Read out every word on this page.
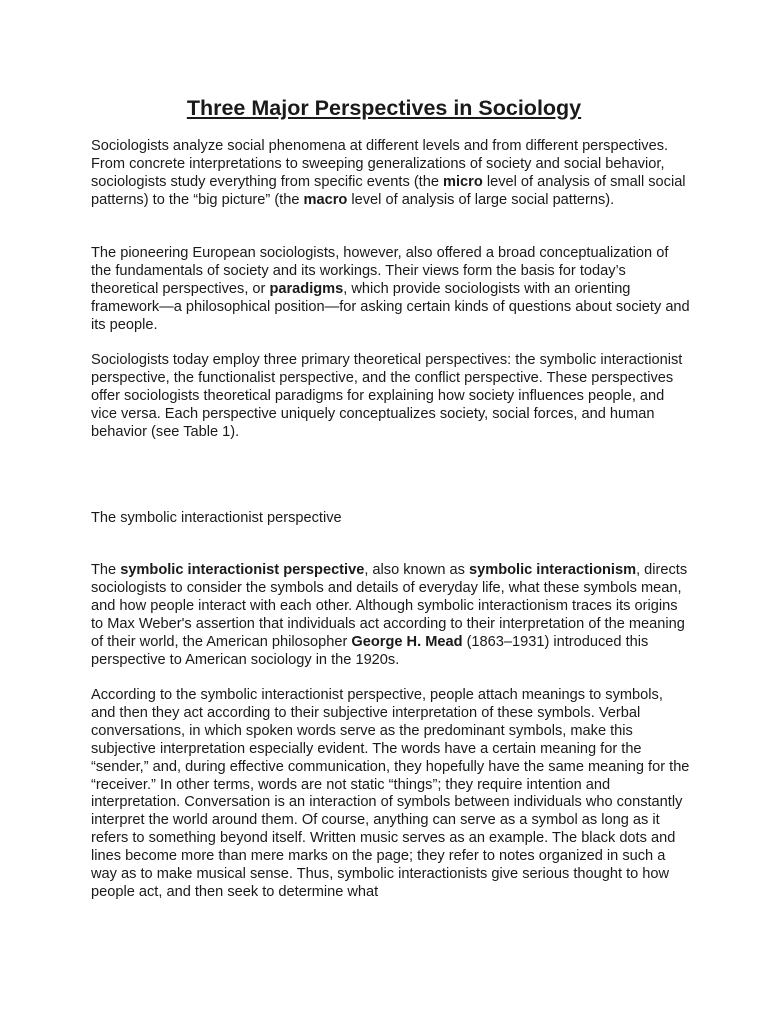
Three Major Perspectives in Sociology

Sociologists analyze social phenomena at different levels and from different perspectives. From concrete interpretations to sweeping generalizations of society and social behavior, sociologists study everything from specific events (the micro level of analysis of small social patterns) to the “big picture” (the macro level of analysis of large social patterns).

The pioneering European sociologists, however, also offered a broad conceptualization of the fundamentals of society and its workings. Their views form the basis for today’s theoretical perspectives, or paradigms, which provide sociologists with an orienting framework—a philosophical position—for asking certain kinds of questions about society and its people.

Sociologists today employ three primary theoretical perspectives: the symbolic interactionist perspective, the functionalist perspective, and the conflict perspective. These perspectives offer sociologists theoretical paradigms for explaining how society influences people, and vice versa. Each perspective uniquely conceptualizes society, social forces, and human behavior (see Table 1).

The symbolic interactionist perspective

The symbolic interactionist perspective, also known as symbolic interactionism, directs sociologists to consider the symbols and details of everyday life, what these symbols mean, and how people interact with each other. Although symbolic interactionism traces its origins to Max Weber's assertion that individuals act according to their interpretation of the meaning of their world, the American philosopher George H. Mead (1863–1931) introduced this perspective to American sociology in the 1920s.

According to the symbolic interactionist perspective, people attach meanings to symbols, and then they act according to their subjective interpretation of these symbols. Verbal conversations, in which spoken words serve as the predominant symbols, make this subjective interpretation especially evident. The words have a certain meaning for the “sender,” and, during effective communication, they hopefully have the same meaning for the “receiver.” In other terms, words are not static “things”; they require intention and interpretation. Conversation is an interaction of symbols between individuals who constantly interpret the world around them. Of course, anything can serve as a symbol as long as it refers to something beyond itself. Written music serves as an example. The black dots and lines become more than mere marks on the page; they refer to notes organized in such a way as to make musical sense. Thus, symbolic interactionists give serious thought to how people act, and then seek to determine what
